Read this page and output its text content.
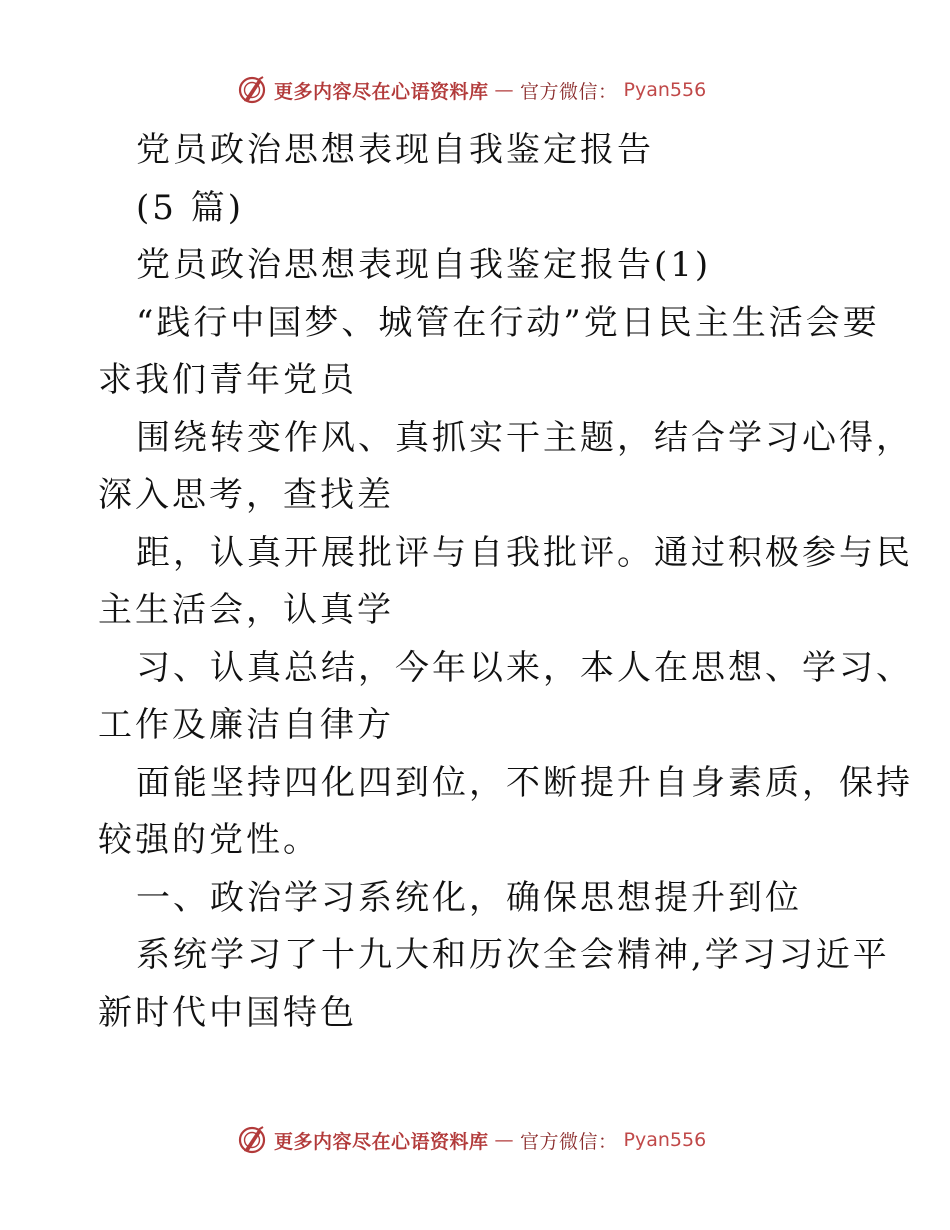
更多内容尽在心语资料库 — 官方微信： Pyan556
党员政治思想表现自我鉴定报告
(5 篇)
党员政治思想表现自我鉴定报告(1)
“践行中国梦、城管在行动”党日民主生活会要
求我们青年党员
围绕转变作风、真抓实干主题，结合学习心得，
深入思考，查找差
距，认真开展批评与自我批评。通过积极参与民
主生活会，认真学
习、认真总结，今年以来，本人在思想、学习、
工作及廉洁自律方
面能坚持四化四到位，不断提升自身素质，保持
较强的党性。
一、政治学习系统化，确保思想提升到位
系统学习了十九大和历次全会精神,学习习近平
新时代中国特色
更多内容尽在心语资料库 — 官方微信： Pyan556
